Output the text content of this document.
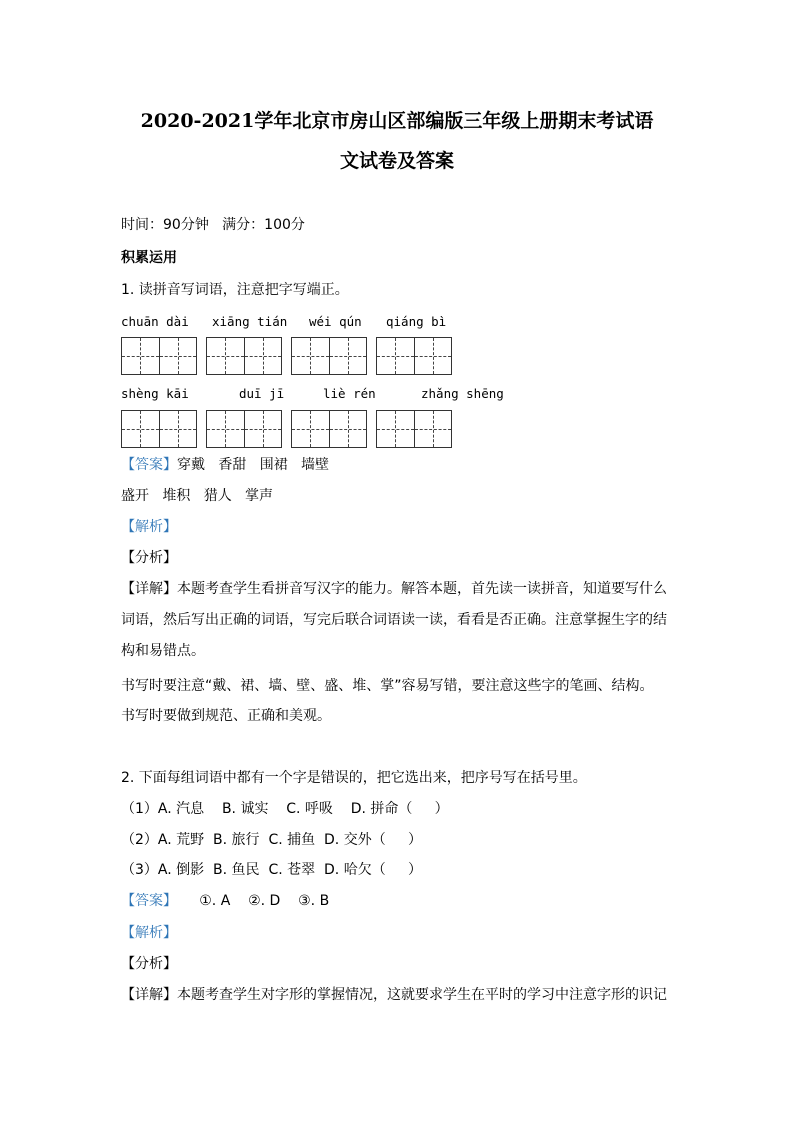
2020-2021学年北京市房山区部编版三年级上册期末考试语
文试卷及答案
时间：90分钟   满分：100分
积累运用
1. 读拼音写词语，注意把字写端正。
chuān dài xiāng tián wéi qún qiáng bì
shèng kāi	duī jī	liè rén	zhǎng shēng
【答案】穿戴   香甜   围裙   墙壁
盛开   堆积   猎人   掌声
【解析】
【分析】
【详解】本题考查学生看拼音写汉字的能力。解答本题，首先读一读拼音，知道要写什么
词语，然后写出正确的词语，写完后联合词语读一读，看看是否正确。注意掌握生字的结
构和易错点。
书写时要注意“戴、裙、墙、壁、盛、堆、掌”容易写错，要注意这些字的笔画、结构。
书写时要做到规范、正确和美观。
2. 下面每组词语中都有一个字是错误的，把它选出来，把序号写在括号里。
（1）A. 汽息    B. 诚实    C. 呼吸    D. 拼命（     ）
（2）A. 荒野  B. 旅行  C. 捕鱼  D. 交外（     ）
（3）A. 倒影  B. 鱼民  C. 苍翠  D. 哈欠（     ）
【答案】     ①. A    ②. D    ③. B
【解析】
【分析】
【详解】本题考查学生对字形的掌握情况，这就要求学生在平时的学习中注意字形的识记
